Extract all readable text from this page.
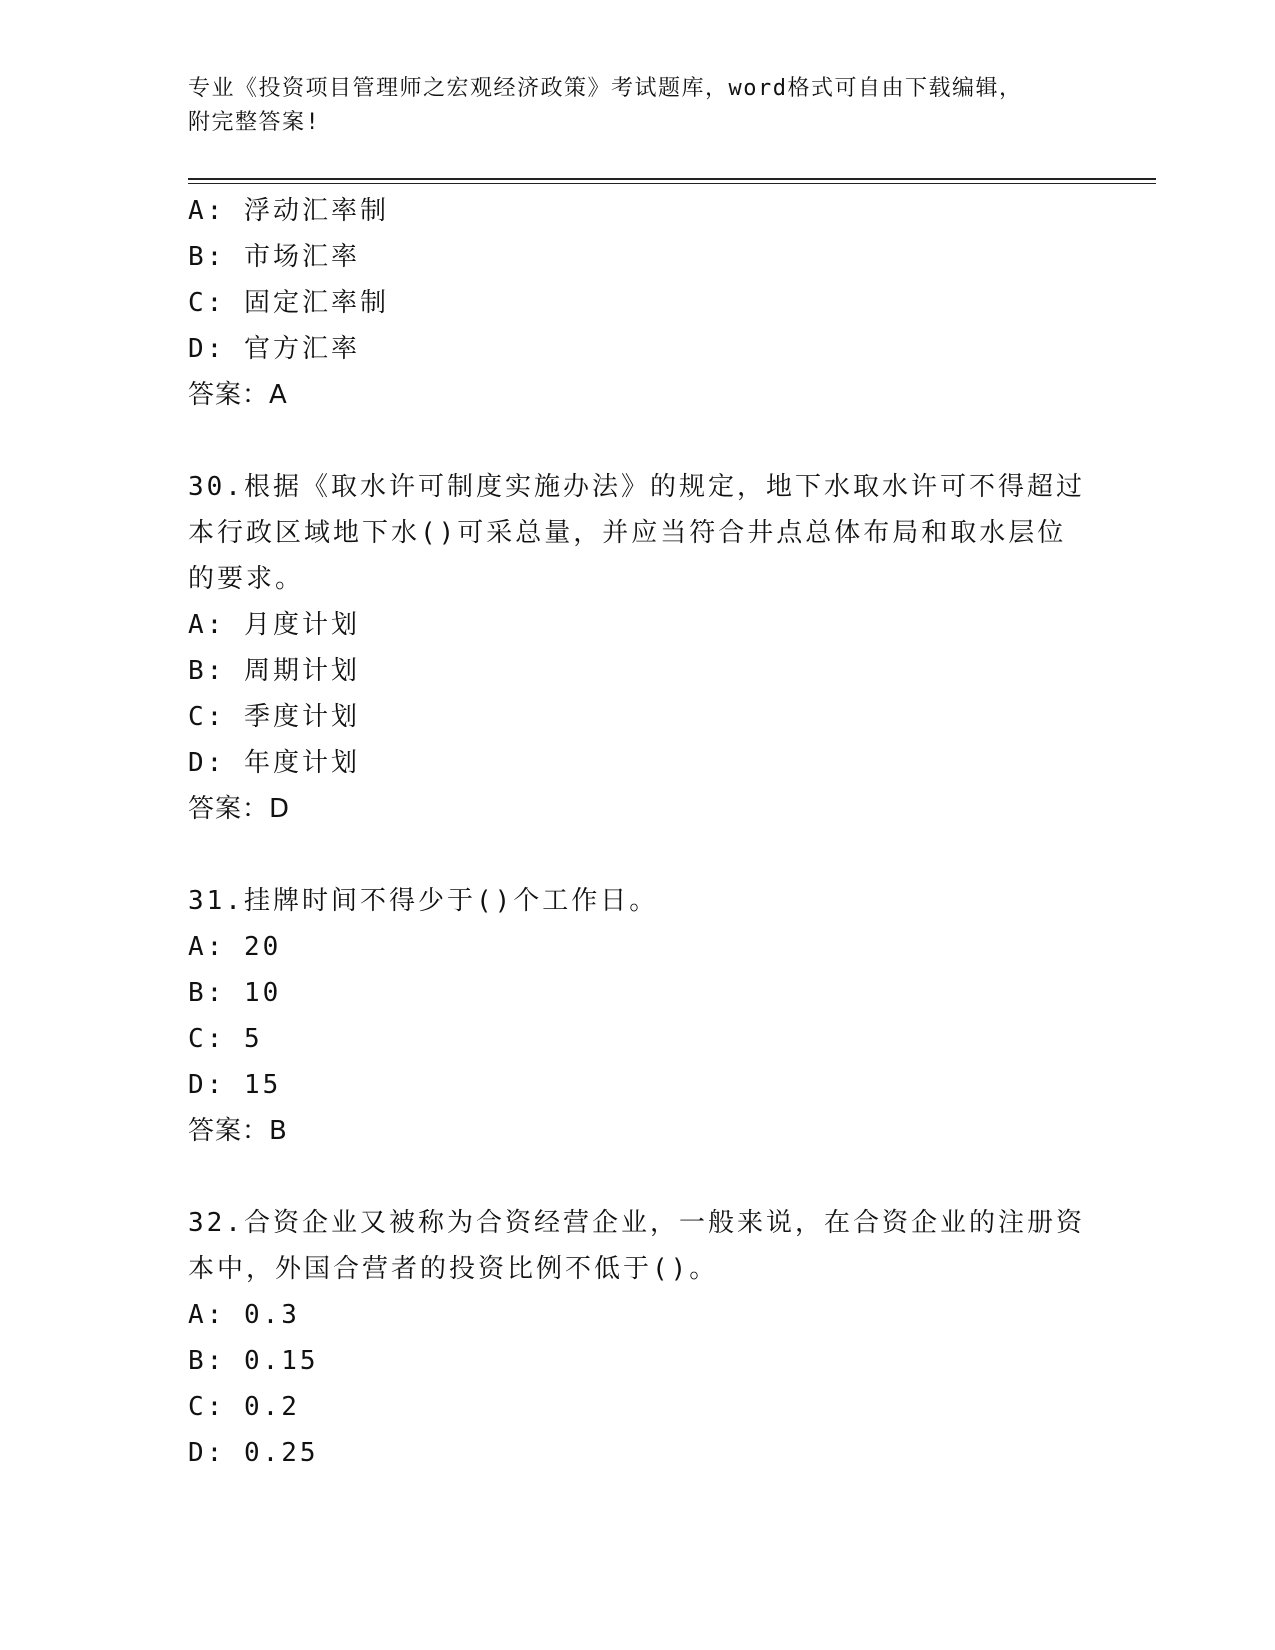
专业《投资项目管理师之宏观经济政策》考试题库，word格式可自由下载编辑，
附完整答案!
A: 浮动汇率制
B: 市场汇率
C: 固定汇率制
D: 官方汇率
答案：A
30.根据《取水许可制度实施办法》的规定，地下水取水许可不得超过
本行政区域地下水()可采总量，并应当符合井点总体布局和取水层位
的要求。
A: 月度计划
B: 周期计划
C: 季度计划
D: 年度计划
答案：D
31.挂牌时间不得少于()个工作日。
A: 20
B: 10
C: 5
D: 15
答案：B
32.合资企业又被称为合资经营企业，一般来说，在合资企业的注册资
本中，外国合营者的投资比例不低于()。
A: 0.3
B: 0.15
C: 0.2
D: 0.25
